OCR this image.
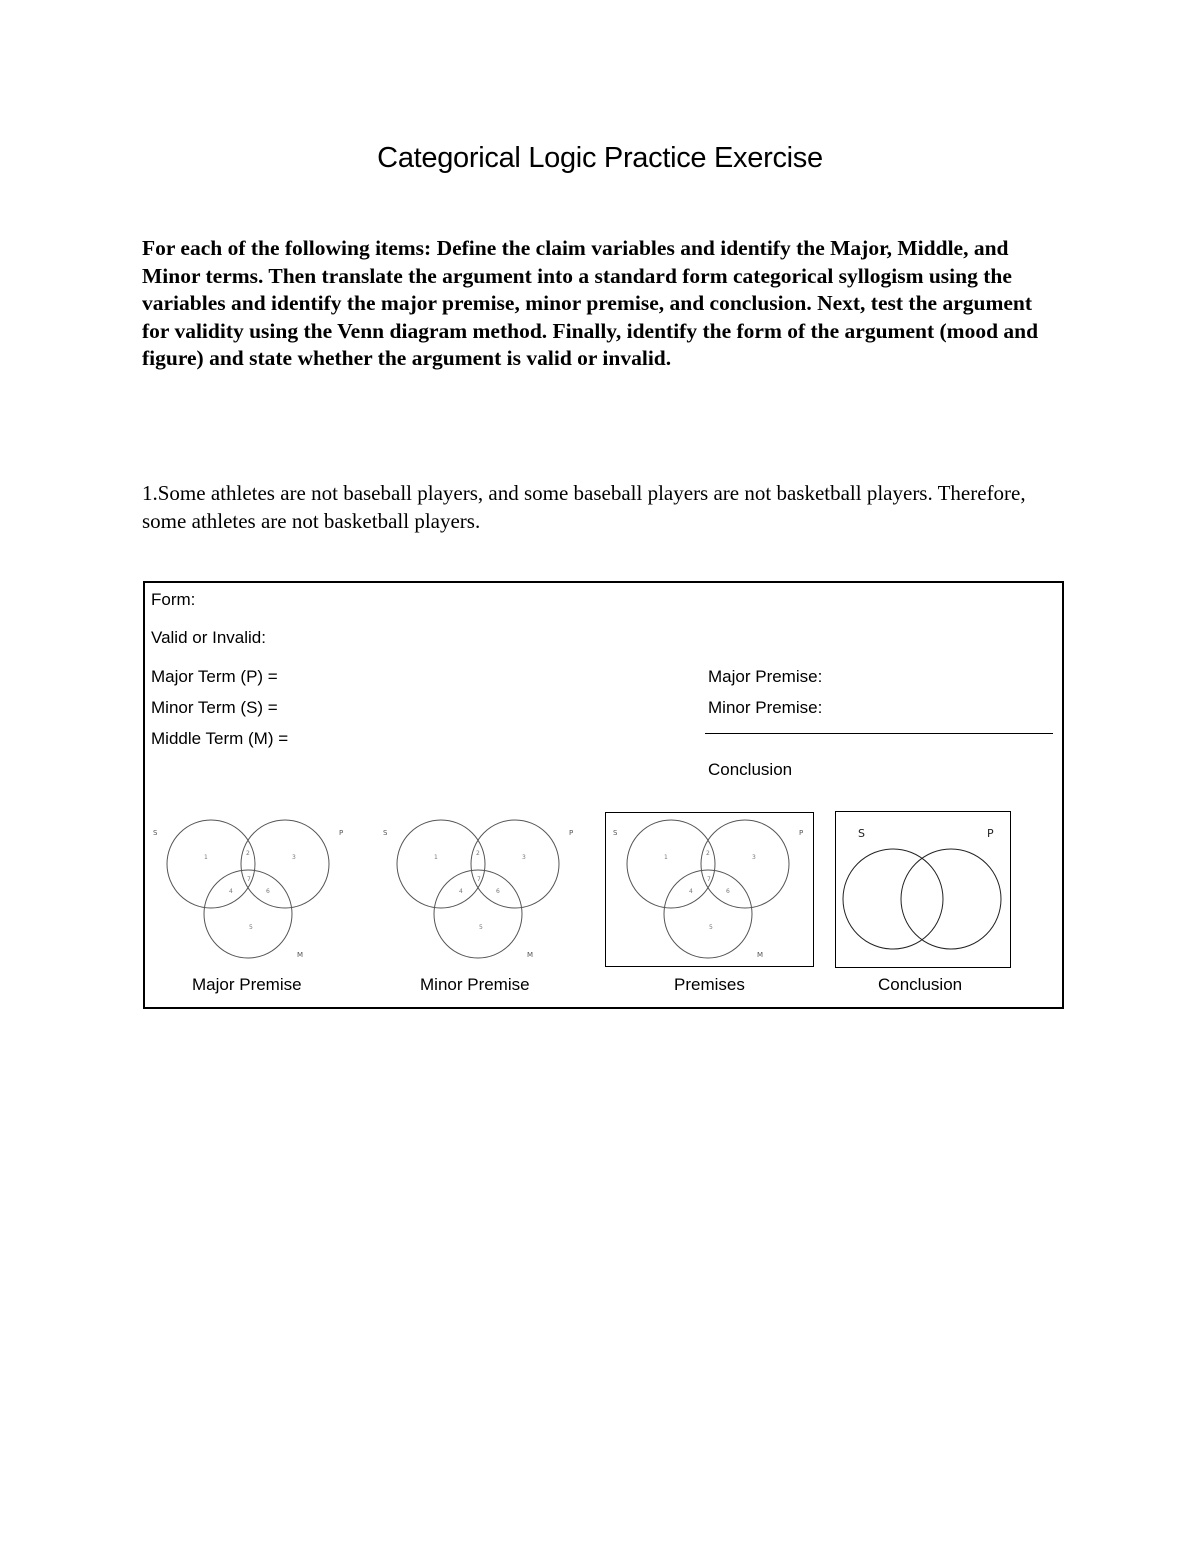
Categorical Logic Practice Exercise

For each of the following items: Define the claim variables and identify the Major, Middle, and Minor terms. Then translate the argument into a standard form categorical syllogism using the variables and identify the major premise, minor premise, and conclusion. Next, test the argument for validity using the Venn diagram method. Finally, identify the form of the argument (mood and figure) and state whether the argument is valid or invalid.

1.Some athletes are not baseball players, and some baseball players are not basketball players. Therefore, some athletes are not basketball players.

Form:
Valid or Invalid:
Major Term (P) =
Minor Term (S) =
Middle Term (M) =
Major Premise:
Minor Premise:
Conclusion
S	P
M
1
2
3
4
5
6
7
Major Premise
S	P
M
1
2
3
4
5
6
7
Minor Premise
S	P
M
1
2
3
4
5
6
7
Premises
S	P
Conclusion
